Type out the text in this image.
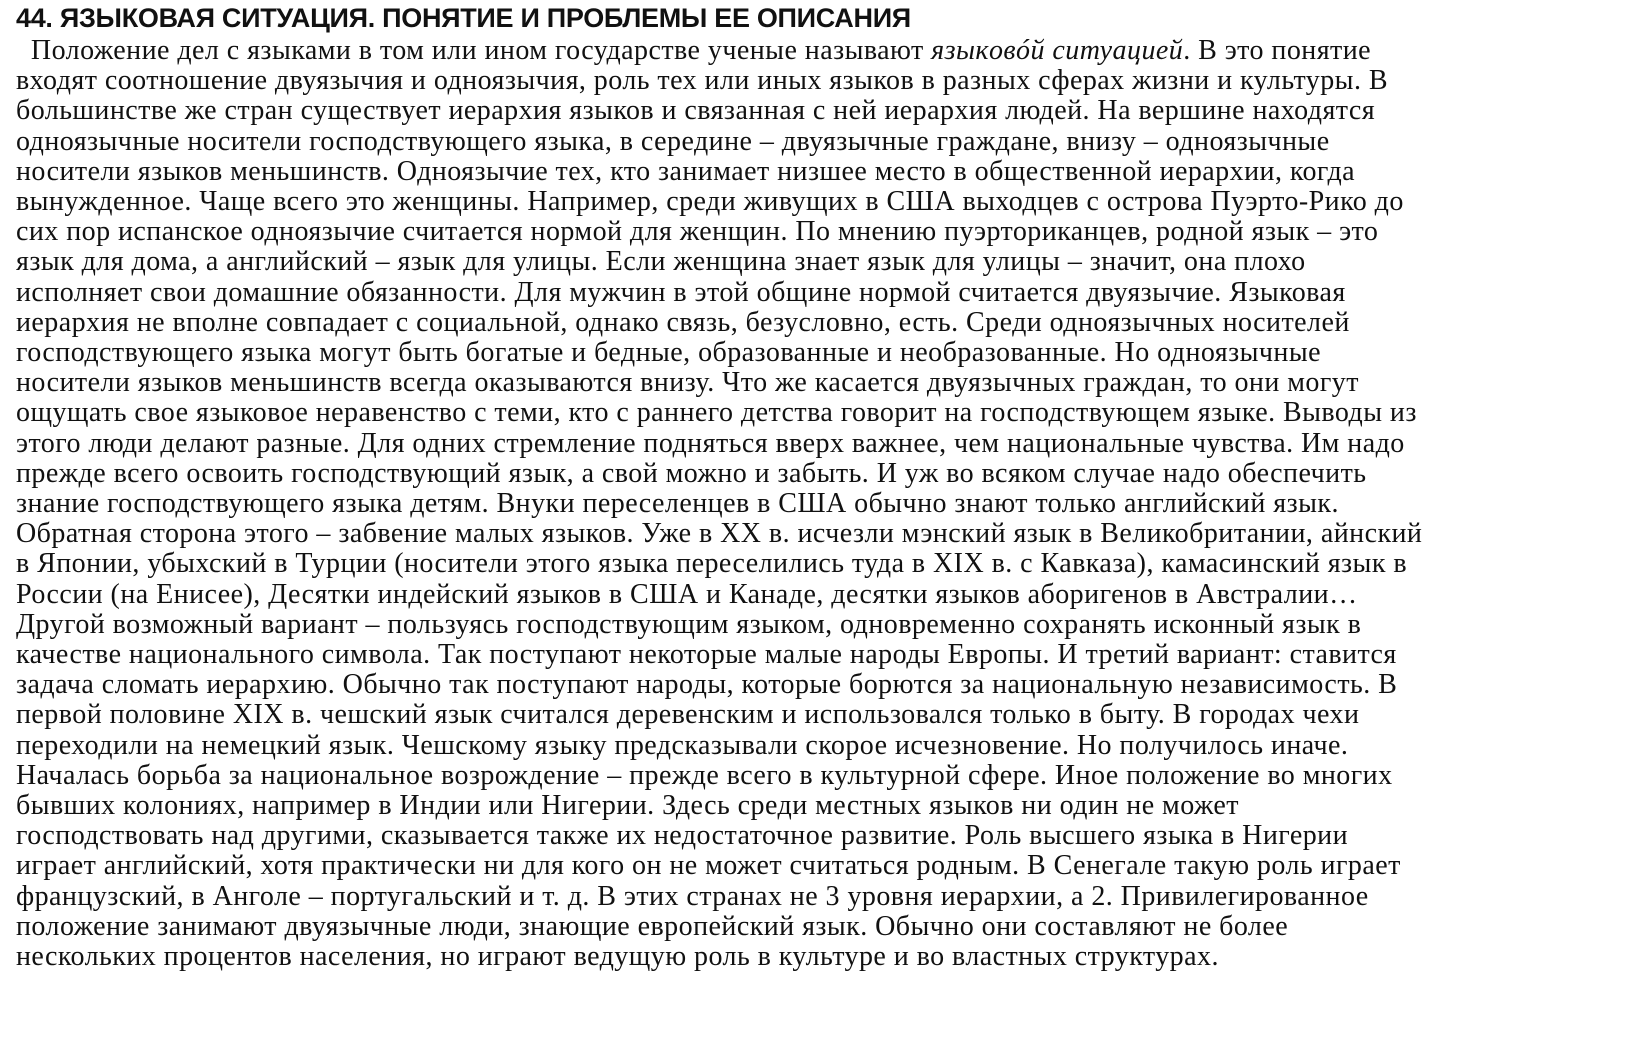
44. ЯЗЫКОВАЯ СИТУАЦИЯ. ПОНЯТИЕ И ПРОБЛЕМЫ ЕЕ ОПИСАНИЯ
Положение дел с языками в том или ином государстве ученые называют языкoвóй ситуацией. В это понятие
входят соотношение двуязычия и одноязычия, роль тех или иных языков в разных сферах жизни и культуры. В
большинстве же стран существует иерархия языков и связанная с ней иерархия людей. На вершине находятся
одноязычные носители господствующего языка, в середине – двуязычные граждане, внизу – одноязычные
носители языков меньшинств. Одноязычие тех, кто занимает низшее место в общественной иерархии, когда
вынужденное. Чаще всего это женщины. Например, среди живущих в США выходцев с острова Пуэрто-Рико до
сих пор испанское одноязычие считается нормой для женщин. По мнению пуэрториканцев, родной язык – это
язык для дома, а английский – язык для улицы. Если женщина знает язык для улицы – значит, она плохо
исполняет свои домашние обязанности. Для мужчин в этой общине нормой считается двуязычие. Языковая
иерархия не вполне совпадает с социальной, однако связь, безусловно, есть. Среди одноязычных носителей
господствующего языка могут быть богатые и бедные, образованные и необразованные. Но одноязычные
носители языков меньшинств всегда оказываются внизу. Что же касается двуязычных граждан, то они могут
ощущать свое языковое неравенство с теми, кто с раннего детства говорит на господствующем языке. Выводы из
этого люди делают разные. Для одних стремление подняться вверх важнее, чем национальные чувства. Им надо
прежде всего освоить господствующий язык, а свой можно и забыть. И уж во всяком случае надо обеспечить
знание господствующего языка детям. Внуки переселенцев в США обычно знают только английский язык.
Обратная сторона этого – забвение малых языков. Уже в XX в. исчезли мэнский язык в Великобритании, айнский
в Японии, убыхский в Турции (носители этого языка переселились туда в XIX в. с Кавказа), камасинский язык в
России (на Енисее), Десятки индейский языков в США и Канаде, десятки языков аборигенов в Австралии…
Другой возможный вариант – пользуясь господствующим языком, одновременно сохранять исконный язык в
качестве национального символа. Так поступают некоторые малые народы Европы. И третий вариант: ставится
задача сломать иерархию. Обычно так поступают народы, которые борются за национальную независимость. В
первой половине XIX в. чешский язык считался деревенским и использовался только в быту. В городах чехи
переходили на немецкий язык. Чешскому языку предсказывали скорое исчезновение. Но получилось иначе.
Началась борьба за национальное возрождение – прежде всего в культурной сфере. Иное положение во многих
бывших колониях, например в Индии или Нигерии. Здесь среди местных языков ни один не может
господствовать над другими, сказывается также их недостаточное развитие. Роль высшего языка в Нигерии
играет английский, хотя практически ни для кого он не может считаться родным. В Сенегале такую роль играет
французский, в Анголе – португальский и т. д. В этих странах не 3 уровня иерархии, а 2. Привилегированное
положение занимают двуязычные люди, знающие европейский язык. Обычно они составляют не более
нескольких процентов населения, но играют ведущую роль в культуре и во властных структурах.
